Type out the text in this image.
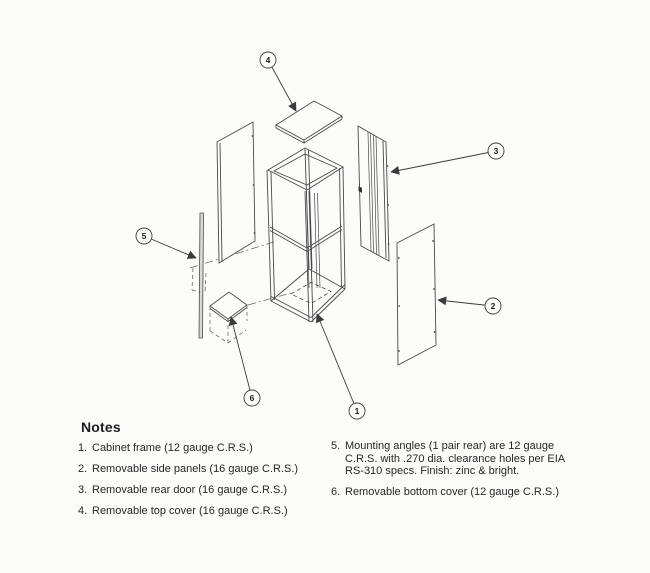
1
2
3
4
5
6
Notes
1. Cabinet frame (12 gauge C.R.S.)
2. Removable side panels (16 gauge C.R.S.)
3. Removable rear door (16 gauge C.R.S.)
4. Removable top cover (16 gauge C.R.S.)
5. Mounting angles (1 pair rear) are 12 gauge C.R.S. with .270 dia. clearance holes per EIA RS-310 specs. Finish: zinc & bright.
6. Removable bottom cover (12 gauge C.R.S.)
